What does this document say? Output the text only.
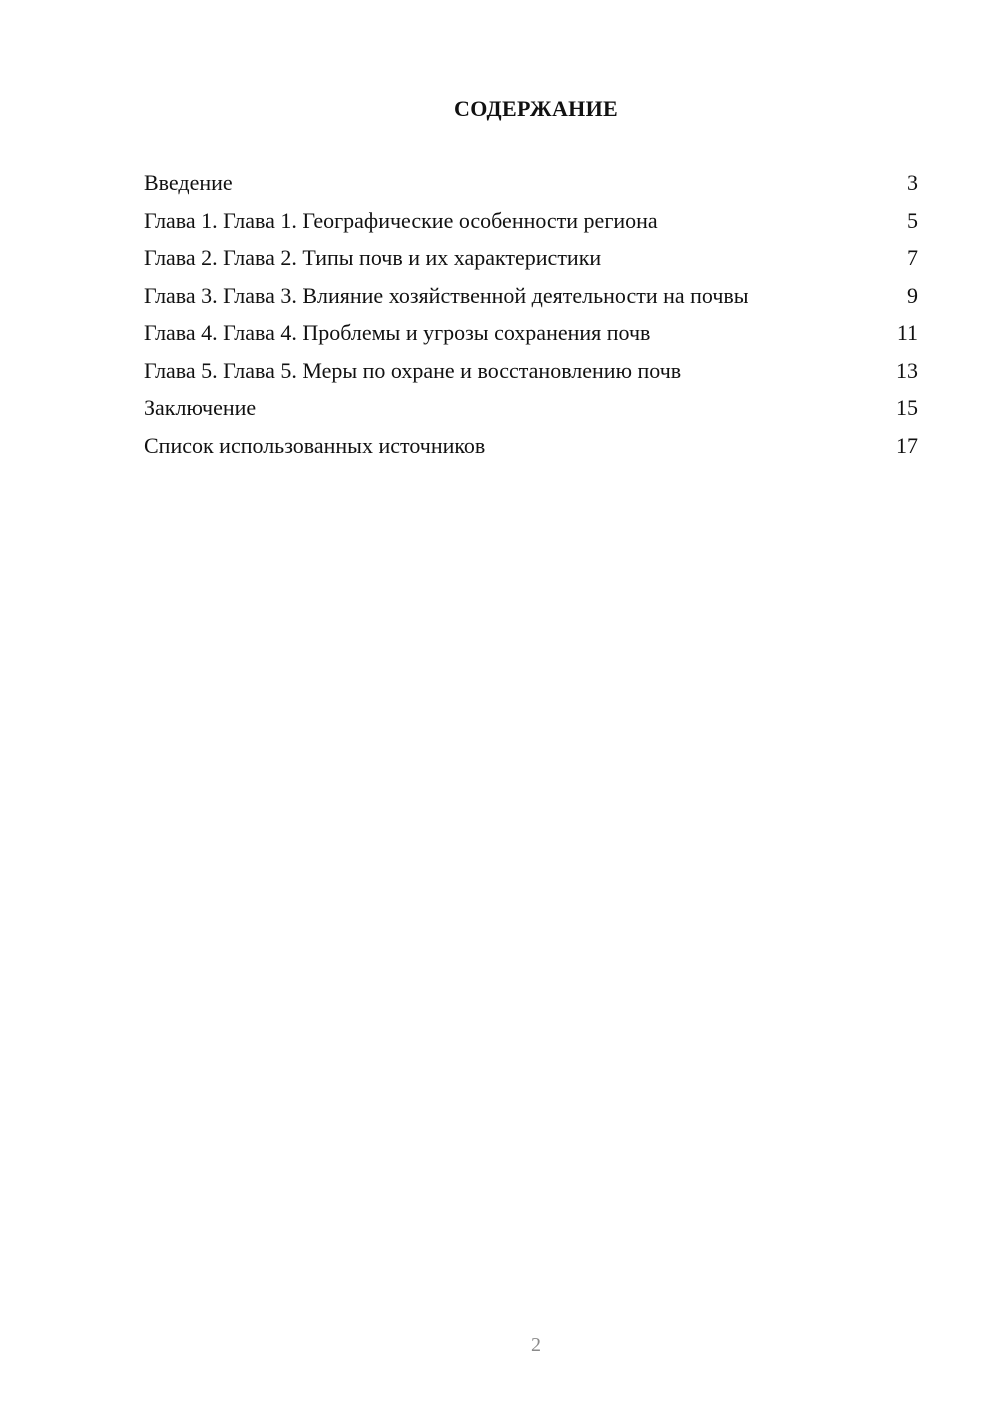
СОДЕРЖАНИЕ
Введение	3
Глава 1. Глава 1. Географические особенности региона	5
Глава 2. Глава 2. Типы почв и их характеристики	7
Глава 3. Глава 3. Влияние хозяйственной деятельности на почвы	9
Глава 4. Глава 4. Проблемы и угрозы сохранения почв	11
Глава 5. Глава 5. Меры по охране и восстановлению почв	13
Заключение	15
Список использованных источников	17
2
